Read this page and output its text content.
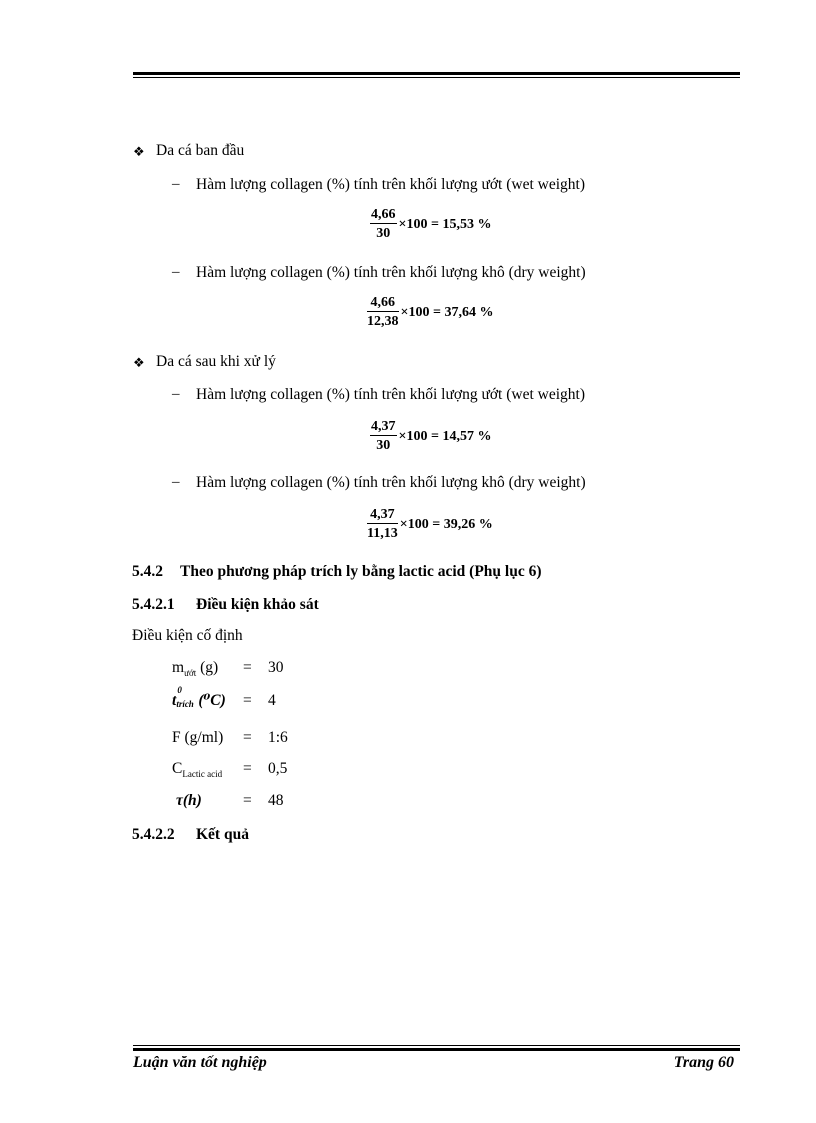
❖ Da cá ban đầu
– Hàm lượng collagen (%) tính trên khối lượng ướt (wet weight)
$\frac{4,66}{30} \times 100 = 15,53$ %
– Hàm lượng collagen (%) tính trên khối lượng khô (dry weight)
$\frac{4,66}{12,38} \times 100 = 37,64$ %
❖ Da cá sau khi xử lý
– Hàm lượng collagen (%) tính trên khối lượng ướt (wet weight)
$\frac{4,37}{30} \times 100 = 14,57$ %
– Hàm lượng collagen (%) tính trên khối lượng khô (dry weight)
$\frac{4,37}{11,13} \times 100 = 39,26$ %
5.4.2 Theo phương pháp trích ly bằng lactic acid (Phụ lục 6)
5.4.2.1 Điều kiện khảo sát
Điều kiện cố định
$m_{ướt}$ (g) = 30
t
0
trích (⁰C) = 4
F (g/ml) = 1:6
$C_{Lactic acid} = 0,5$
τ(h)	= 48
5.4.2.2 Kết quả
Luận văn tốt nghiệp	Trang 60
